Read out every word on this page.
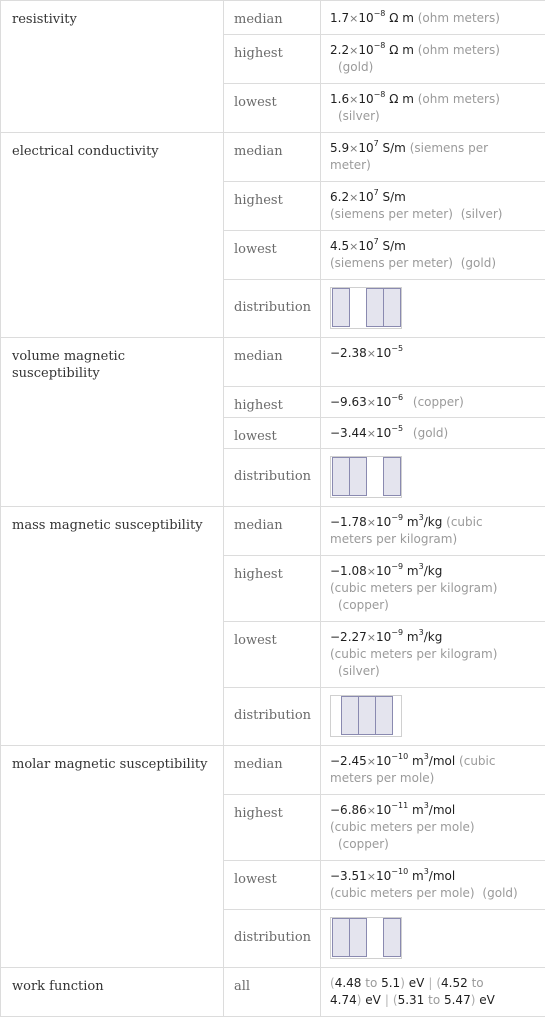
resistivity	median	$1.7\times 10^{-8}$ Ω m (ohm meters)
	highest	$2.2\times 10^{-8}$ Ω m (ohm meters)
(gold)
	lowest	$1.6\times 10^{-8}$ Ω m (ohm meters)
(silver)
electrical conductivity	median	$5.9\times 10^7$ S/m (siemens per
meter)
	highest	$6.2\times 10^7$ S/m
(siemens per meter) (silver)
	lowest	$4.5\times 10^7$ S/m
(siemens per meter) (gold)
	distribution	

volume magnetic
susceptibility	median	$-2.38\times 10^{-5}$
	highest	$-9.63\times 10^{-6}$ (copper)
	lowest	$-3.44\times 10^{-5}$ (gold)
	distribution	

mass magnetic susceptibility	median	$-1.78\times 10^{-9}$ $m^3/kg$ (cubic
meters per kilogram)
	highest	$-1.08\times 10^{-9}$ $m^3/kg$
(cubic meters per kilogram)
(copper)
	lowest	$-2.27\times 10^{-9}$ $m^3/kg$
(cubic meters per kilogram)
(silver)
	distribution	

molar magnetic susceptibility	median	$-2.45\times 10^{-10}$ $m^3$/mol (cubic
meters per mole)
	highest	$-6.86\times 10^{-11}$ $m^3$/mol
(cubic meters per mole)
(copper)
	lowest	$-3.51\times 10^{-10}$ $m^3$/mol
(cubic meters per mole) (gold)
	distribution	

work function	all	(4.48 to 5.1) eV | (4.52 to
4.74) eV | (5.31 to 5.47) eV
